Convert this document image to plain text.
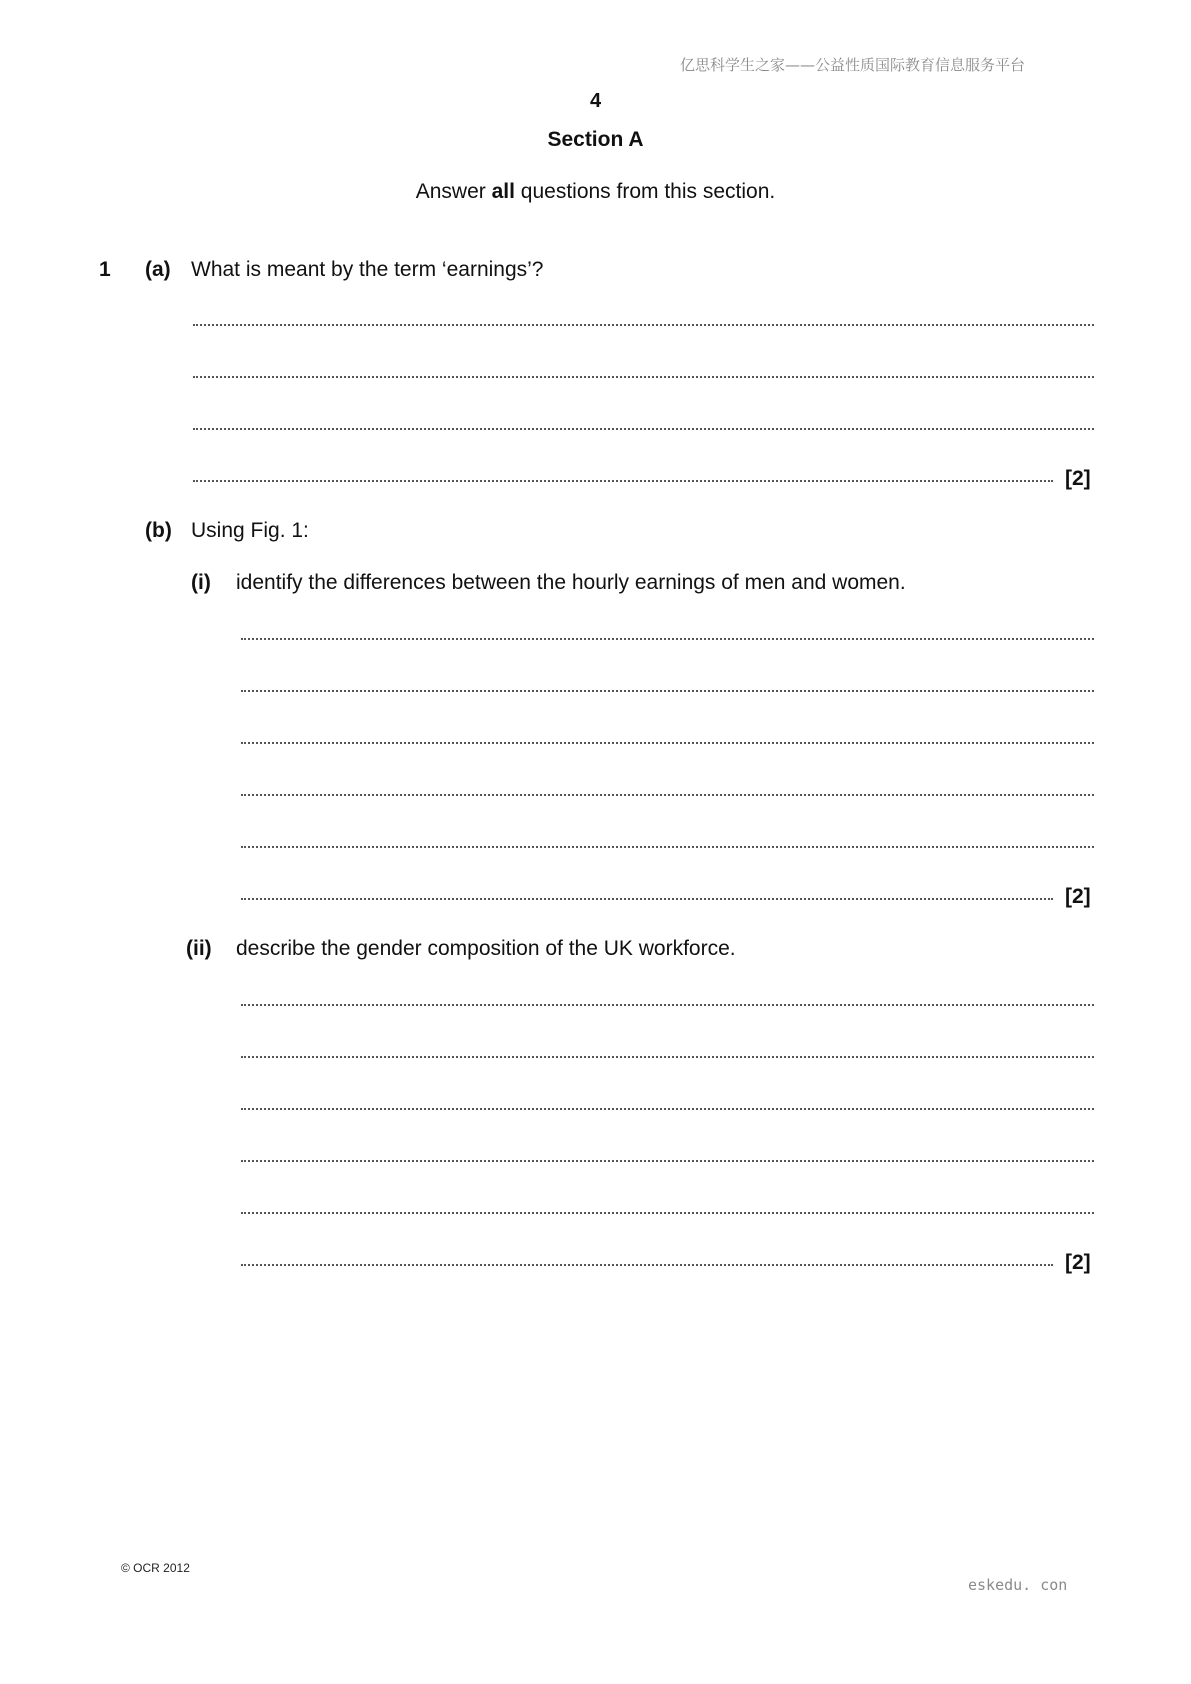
亿思科学生之家——公益性质国际教育信息服务平台
4
Section A
Answer all questions from this section.
1 (a) What is meant by the term ‘earnings’?
[2]
(b) Using Fig. 1:
(i) identify the differences between the hourly earnings of men and women.
[2]
(ii) describe the gender composition of the UK workforce.
[2]
© OCR 2012
eskedu. con
